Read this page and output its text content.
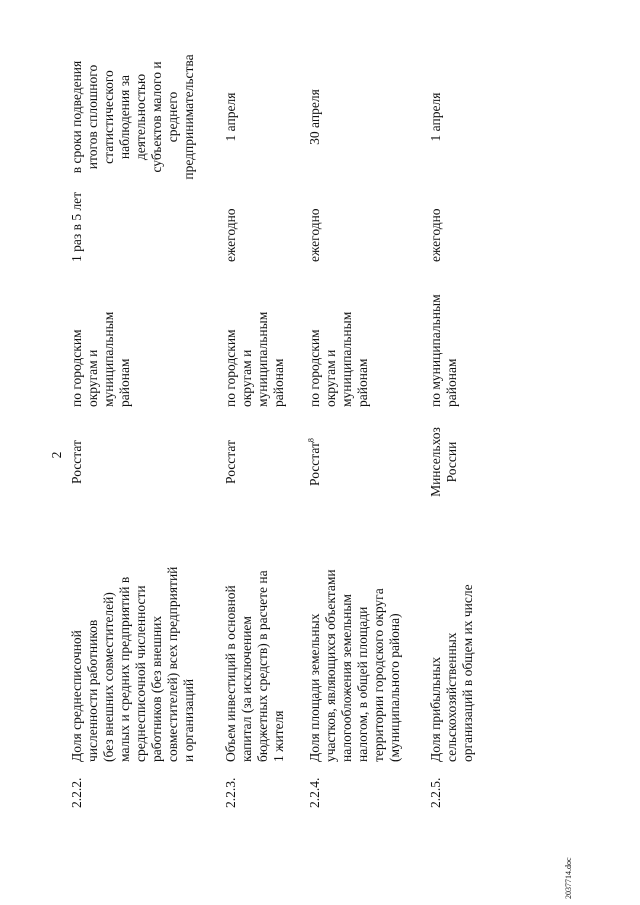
2
2.2.2.
Доля среднесписочной численности работников (без внешних совместителей) малых и средних предприятий в среднесписочной численности работников (без внешних совместителей) всех предприятий и организаций
Росстат
по городским округам и муниципальным районам
1 раз в 5 лет
в сроки подведения итогов сплошного статистического наблюдения за деятельностью субъектов малого и среднего предпринимательства
2.2.3.
Объем инвестиций в основной капитал (за исключением бюджетных средств) в расчете на 1 жителя
Росстат
по городским округам и муниципальным районам
ежегодно
1 апреля
2.2.4.
Доля площади земельных участков, являющихся объектами налогообложения земельным налогом, в общей площади территории городского округа (муниципального района)
Росстат$^8$
по городским округам и муниципальным районам
ежегодно
30 апреля
2.2.5.
Доля прибыльных сельскохозяйственных организаций в общем их числе
Минсельхоз России
по муниципальным районам
ежегодно
1 апреля
2037714.doc
